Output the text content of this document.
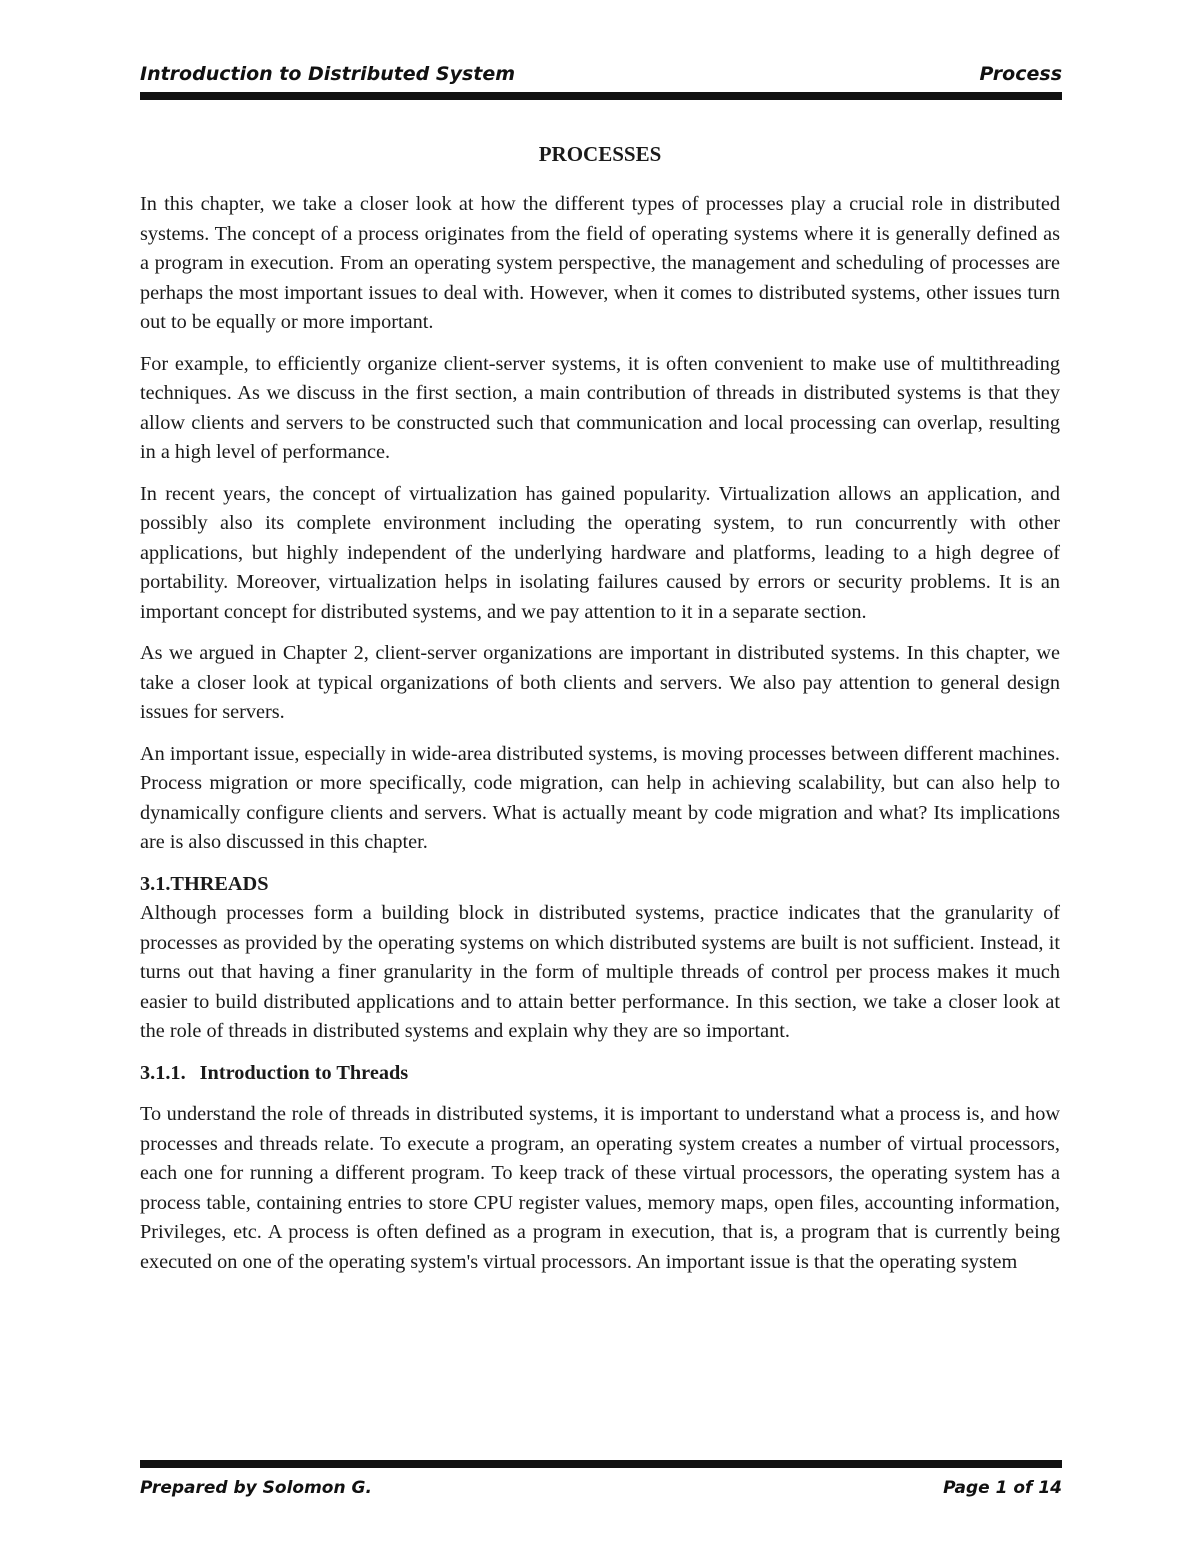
Introduction to Distributed System	Process
PROCESSES

In this chapter, we take a closer look at how the different types of processes play a crucial role in distributed systems. The concept of a process originates from the field of operating systems where it is generally defined as a program in execution. From an operating system perspective, the management and scheduling of processes are perhaps the most important issues to deal with. However, when it comes to distributed systems, other issues turn out to be equally or more important.

For example, to efficiently organize client-server systems, it is often convenient to make use of multithreading techniques. As we discuss in the first section, a main contribution of threads in distributed systems is that they allow clients and servers to be constructed such that communication and local processing can overlap, resulting in a high level of performance.

In recent years, the concept of virtualization has gained popularity. Virtualization allows an application, and possibly also its complete environment including the operating system, to run concurrently with other applications, but highly independent of the underlying hardware and platforms, leading to a high degree of portability. Moreover, virtualization helps in isolating failures caused by errors or security problems. It is an important concept for distributed systems, and we pay attention to it in a separate section.

As we argued in Chapter 2, client-server organizations are important in distributed systems. In this chapter, we take a closer look at typical organizations of both clients and servers. We also pay attention to general design issues for servers.

An important issue, especially in wide-area distributed systems, is moving processes between different machines. Process migration or more specifically, code migration, can help in achieving scalability, but can also help to dynamically configure clients and servers. What is actually meant by code migration and what? Its implications are is also discussed in this chapter.

3.1.THREADS

Although processes form a building block in distributed systems, practice indicates that the granularity of processes as provided by the operating systems on which distributed systems are built is not sufficient. Instead, it turns out that having a finer granularity in the form of multiple threads of control per process makes it much easier to build distributed applications and to attain better performance. In this section, we take a closer look at the role of threads in distributed systems and explain why they are so important.

3.1.1. Introduction to Threads

To understand the role of threads in distributed systems, it is important to understand what a process is, and how processes and threads relate. To execute a program, an operating system creates a number of virtual processors, each one for running a different program. To keep track of these virtual processors, the operating system has a process table, containing entries to store CPU register values, memory maps, open files, accounting information, Privileges, etc. A process is often defined as a program in execution, that is, a program that is currently being executed on one of the operating system's virtual processors. An important issue is that the operating system

Prepared by Solomon G.	Page 1 of 14
